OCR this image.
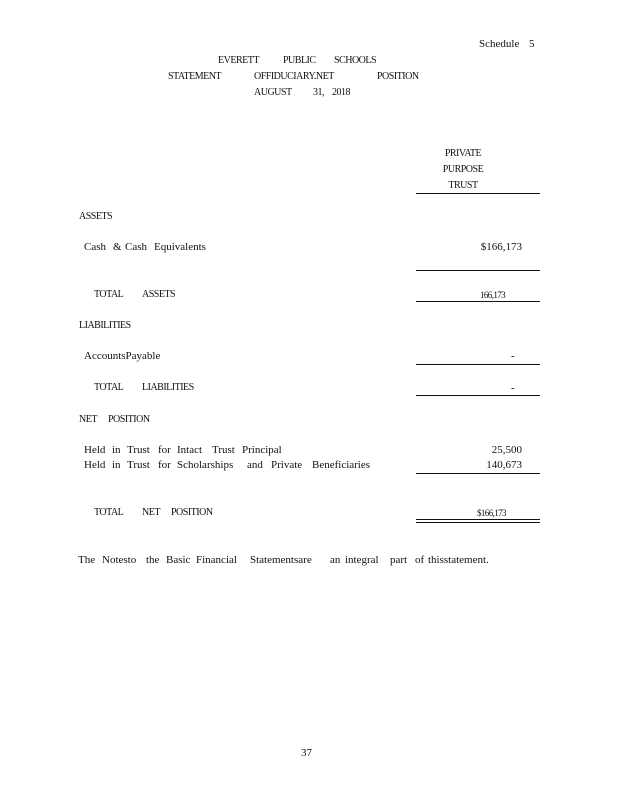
Schedule 5
EVERETT PUBLIC SCHOOLS
STATEMENT	OFFIDUCIARY.NET	POSITION
AUGUST 31, 2018
PRIVATE
PURPOSE
TRUST
ASSETS
Cash & Cash Equivalents	$166,173
TOTAL ASSETS	166,173
LIABILITIES
AccountsPayable	-
TOTAL LIABILITIES	-
NET POSITION
Held in Trust for Intact Trust Principal	25,500
Held in Trust for Scholarships and Private Beneficiaries	140,673
TOTAL NET POSITION	$166,173
The Notesto the Basic Financial Statementsare an integral part of thisstatement.
37
